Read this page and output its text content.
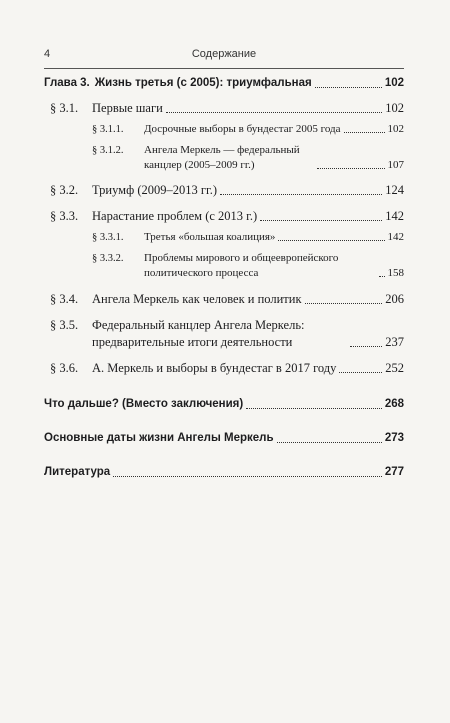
4	Содержание
Глава 3. Жизнь третья (с 2005): триумфальная	102
§ 3.1.	Первые шаги	102
§ 3.1.1.	Досрочные выборы в бундестаг 2005 года	102
§ 3.1.2.	Ангела Меркель — федеральный канцлер (2005–2009 гг.)	107
§ 3.2.	Триумф (2009–2013 гг.)	124
§ 3.3.	Нарастание проблем (с 2013 г.)	142
§ 3.3.1.	Третья «большая коалиция»	142
§ 3.3.2.	Проблемы мирового и общеевропейского политического процесса	158
§ 3.4.	Ангела Меркель как человек и политик	206
§ 3.5.	Федеральный канцлер Ангела Меркель: предварительные итоги деятельности	237
§ 3.6.	А. Меркель и выборы в бундестаг в 2017 году	252
Что дальше? (Вместо заключения)	268
Основные даты жизни Ангелы Меркель	273
Литература	277
